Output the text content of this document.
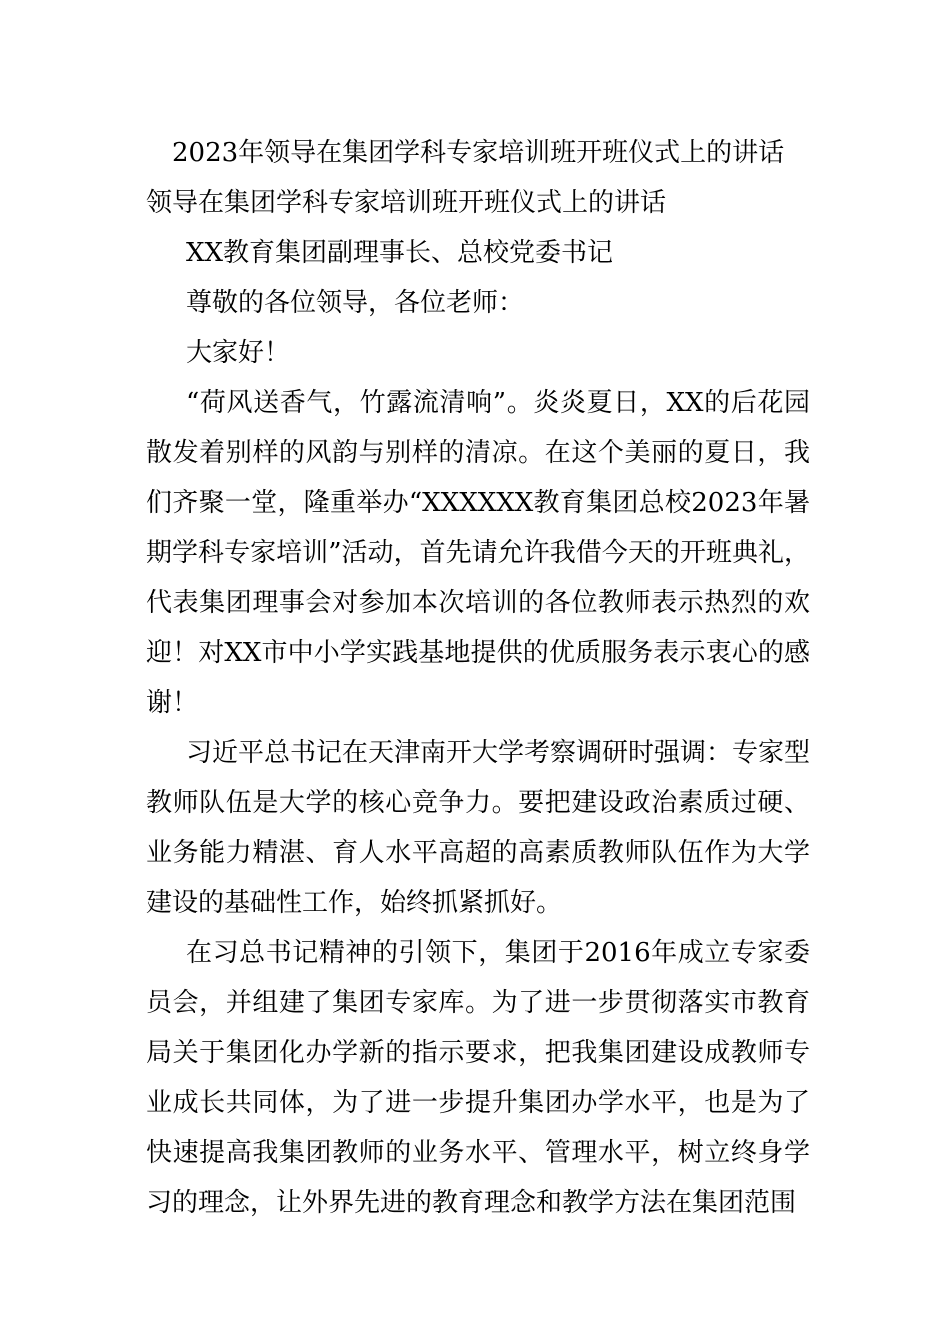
2023年领导在集团学科专家培训班开班仪式上的讲话

领导在集团学科专家培训班开班仪式上的讲话

XX教育集团副理事长、总校党委书记

尊敬的各位领导，各位老师：

大家好！

“荷风送香气，竹露流清响”。炎炎夏日，XX的后花园散发着别样的风韵与别样的清凉。在这个美丽的夏日，我们齐聚一堂，隆重举办“XXXXXX教育集团总校2023年暑期学科专家培训”活动，首先请允许我借今天的开班典礼，代表集团理事会对参加本次培训的各位教师表示热烈的欢迎！对XX市中小学实践基地提供的优质服务表示衷心的感谢！

习近平总书记在天津南开大学考察调研时强调：专家型教师队伍是大学的核心竞争力。要把建设政治素质过硬、业务能力精湛、育人水平高超的高素质教师队伍作为大学建设的基础性工作，始终抓紧抓好。

在习总书记精神的引领下，集团于2016年成立专家委员会，并组建了集团专家库。为了进一步贯彻落实市教育局关于集团化办学新的指示要求，把我集团建设成教师专业成长共同体，为了进一步提升集团办学水平，也是为了快速提高我集团教师的业务水平、管理水平，树立终身学习的理念，让外界先进的教育理念和教学方法在集团范围
